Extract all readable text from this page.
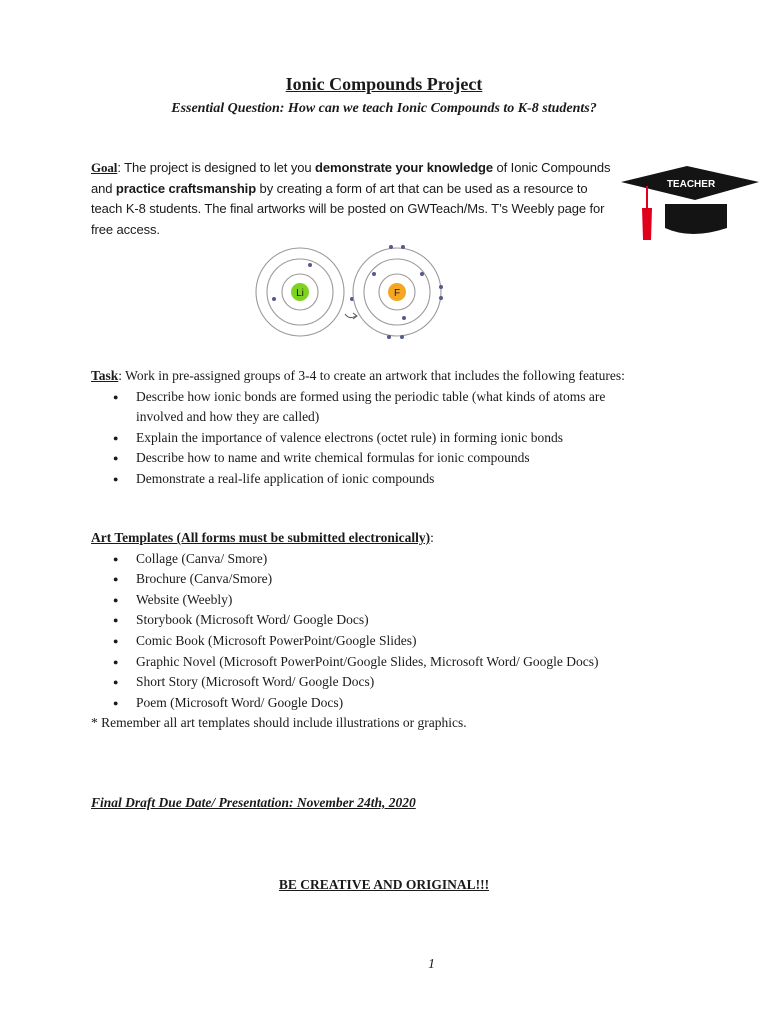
Ionic Compounds Project
Essential Question: How can we teach Ionic Compounds to K-8 students?
Goal: The project is designed to let you demonstrate your knowledge of Ionic Compounds and practice craftsmanship by creating a form of art that can be used as a resource to teach K-8 students. The final artworks will be posted on GWTeach/Ms. T’s Weebly page for free access.
TEACHER
Li	F
Task: Work in pre-assigned groups of 3-4 to create an artwork that includes the following features:
● Describe how ionic bonds are formed using the periodic table (what kinds of atoms are involved and how they are called)
● Explain the importance of valence electrons (octet rule) in forming ionic bonds
● Describe how to name and write chemical formulas for ionic compounds
● Demonstrate a real-life application of ionic compounds
Art Templates (All forms must be submitted electronically):
● Collage (Canva/ Smore)
● Brochure (Canva/Smore)
● Website (Weebly)
● Storybook (Microsoft Word/ Google Docs)
● Comic Book (Microsoft PowerPoint/Google Slides)
● Graphic Novel (Microsoft PowerPoint/Google Slides, Microsoft Word/ Google Docs)
● Short Story (Microsoft Word/ Google Docs)
● Poem (Microsoft Word/ Google Docs)
* Remember all art templates should include illustrations or graphics.
Final Draft Due Date/ Presentation: November 24th, 2020
BE CREATIVE AND ORIGINAL!!!
1
